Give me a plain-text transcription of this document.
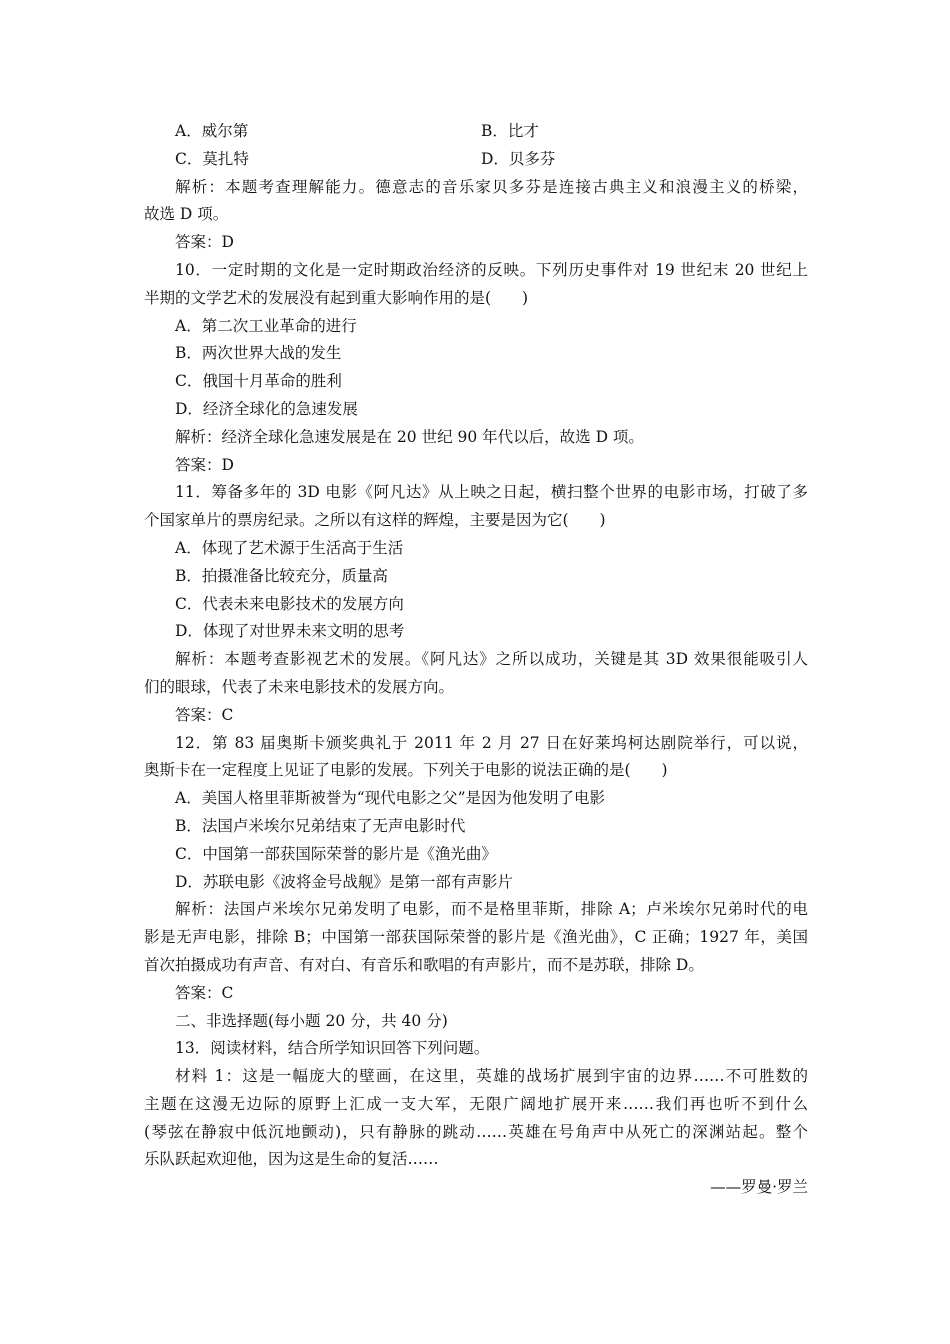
A．威尔第	B．比才
C．莫扎特	D．贝多芬
解析：本题考查理解能力。德意志的音乐家贝多芬是连接古典主义和浪漫主义的桥梁，
故选 D 项。
答案：D
10．一定时期的文化是一定时期政治经济的反映。下列历史事件对 19 世纪末 20 世纪上
半期的文学艺术的发展没有起到重大影响作用的是(　　)
A．第二次工业革命的进行
B．两次世界大战的发生
C．俄国十月革命的胜利
D．经济全球化的急速发展
解析：经济全球化急速发展是在 20 世纪 90 年代以后，故选 D 项。
答案：D
11．筹备多年的 3D 电影《阿凡达》从上映之日起，横扫整个世界的电影市场，打破了多
个国家单片的票房纪录。之所以有这样的辉煌，主要是因为它(　　)
A．体现了艺术源于生活高于生活
B．拍摄准备比较充分，质量高
C．代表未来电影技术的发展方向
D．体现了对世界未来文明的思考
解析：本题考查影视艺术的发展。《阿凡达》之所以成功，关键是其 3D 效果很能吸引人
们的眼球，代表了未来电影技术的发展方向。
答案：C
12．第 83 届奥斯卡颁奖典礼于 2011 年 2 月 27 日在好莱坞柯达剧院举行，可以说，
奥斯卡在一定程度上见证了电影的发展。下列关于电影的说法正确的是(　　)
A．美国人格里菲斯被誉为“现代电影之父”是因为他发明了电影
B．法国卢米埃尔兄弟结束了无声电影时代
C．中国第一部获国际荣誉的影片是《渔光曲》
D．苏联电影《波将金号战舰》是第一部有声影片
解析：法国卢米埃尔兄弟发明了电影，而不是格里菲斯，排除 A；卢米埃尔兄弟时代的电
影是无声电影，排除 B；中国第一部获国际荣誉的影片是《渔光曲》，C 正确；1927 年，美国
首次拍摄成功有声音、有对白、有音乐和歌唱的有声影片，而不是苏联，排除 D。
答案：C
二、非选择题(每小题 20 分，共 40 分)
13．阅读材料，结合所学知识回答下列问题。
材料 1：这是一幅庞大的壁画，在这里，英雄的战场扩展到宇宙的边界……不可胜数的
主题在这漫无边际的原野上汇成一支大军，无限广阔地扩展开来……我们再也听不到什么
(琴弦在静寂中低沉地颤动)，只有静脉的跳动……英雄在号角声中从死亡的深渊站起。整个
乐队跃起欢迎他，因为这是生命的复活……
——罗曼·罗兰
